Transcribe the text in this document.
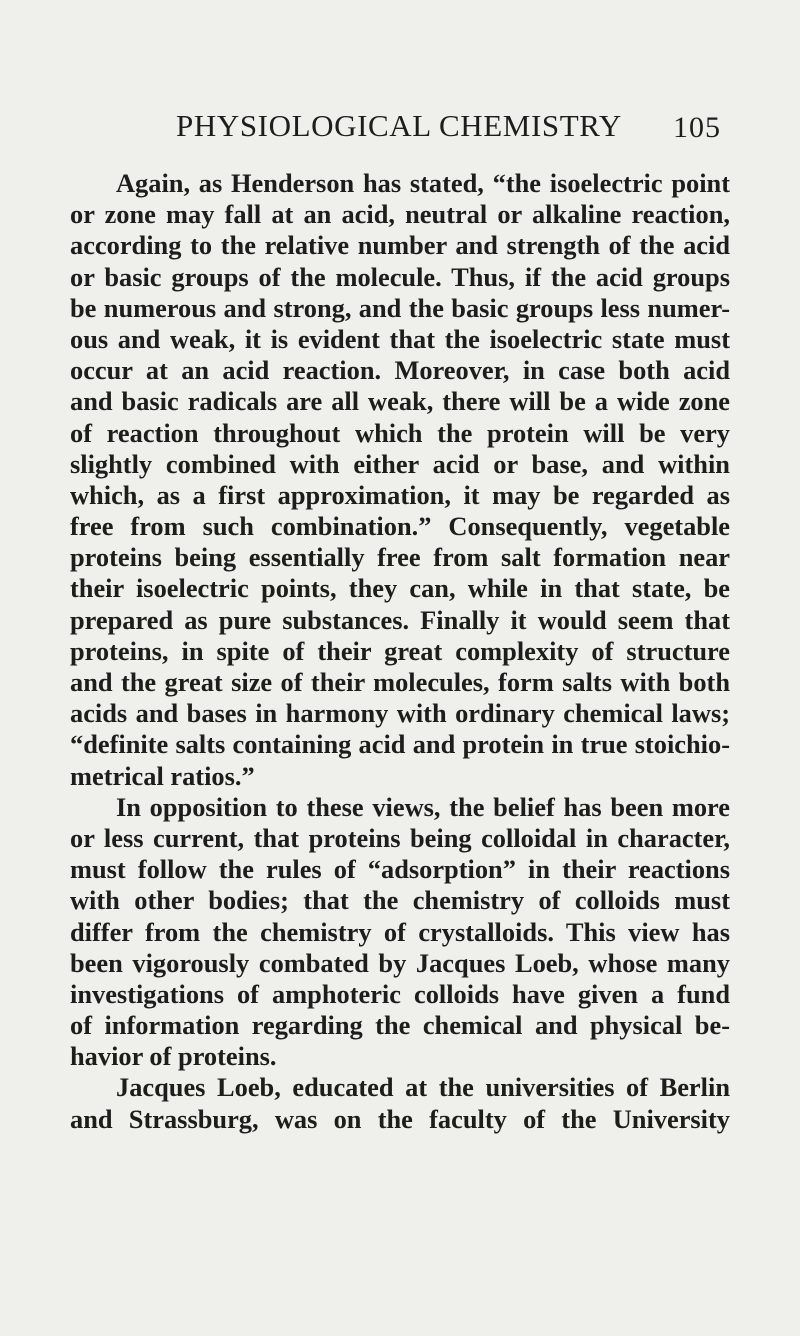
PHYSIOLOGICAL CHEMISTRY 105
Again, as Henderson has stated, “the isoelectric point
or zone may fall at an acid, neutral or alkaline reaction,
according to the relative number and strength of the acid
or basic groups of the molecule. Thus, if the acid groups
be numerous and strong, and the basic groups less numer-
ous and weak, it is evident that the isoelectric state must
occur at an acid reaction. Moreover, in case both acid
and basic radicals are all weak, there will be a wide zone
of reaction throughout which the protein will be very
slightly combined with either acid or base, and within
which, as a first approximation, it may be regarded as
free from such combination.” Consequently, vegetable
proteins being essentially free from salt formation near
their isoelectric points, they can, while in that state, be
prepared as pure substances. Finally it would seem that
proteins, in spite of their great complexity of structure
and the great size of their molecules, form salts with both
acids and bases in harmony with ordinary chemical laws;
“definite salts containing acid and protein in true stoichio-
metrical ratios.”
In opposition to these views, the belief has been more
or less current, that proteins being colloidal in character,
must follow the rules of “adsorption” in their reactions
with other bodies; that the chemistry of colloids must
differ from the chemistry of crystalloids. This view has
been vigorously combated by Jacques Loeb, whose many
investigations of amphoteric colloids have given a fund
of information regarding the chemical and physical be-
havior of proteins.
Jacques Loeb, educated at the universities of Berlin
and Strassburg, was on the faculty of the University
